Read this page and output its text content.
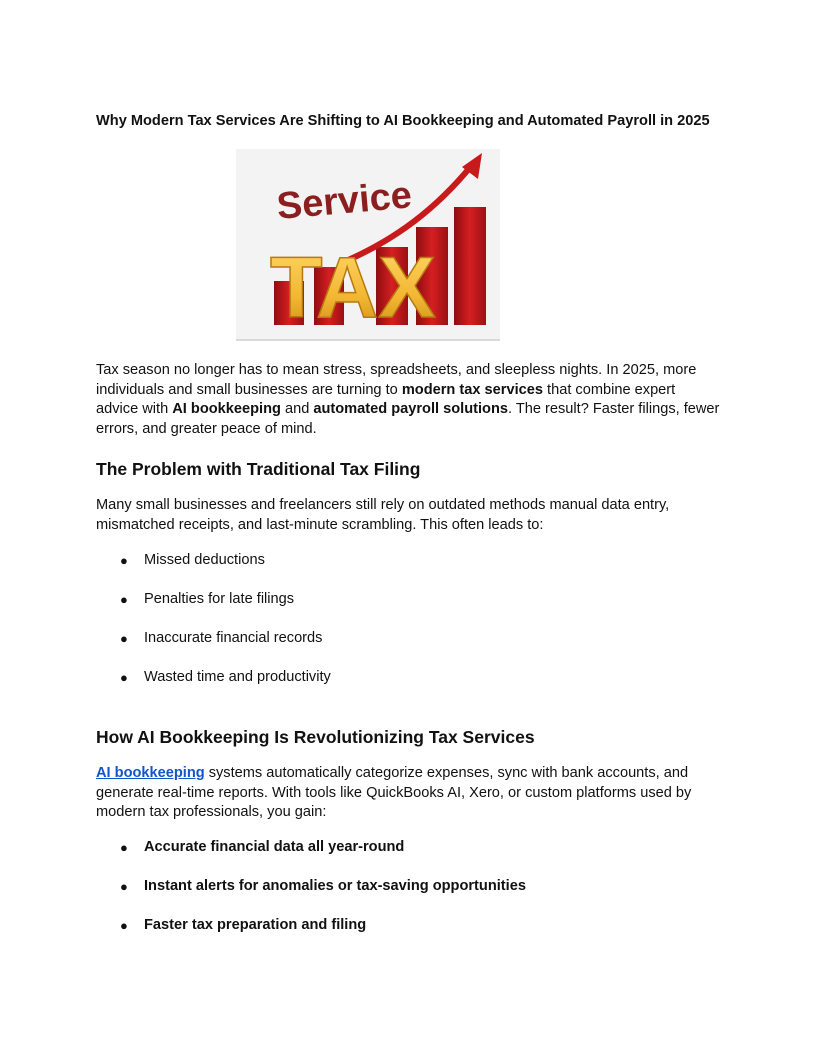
Why Modern Tax Services Are Shifting to AI Bookkeeping and Automated Payroll in 2025
Service
TAX

Tax season no longer has to mean stress, spreadsheets, and sleepless nights. In 2025, more individuals and small businesses are turning to modern tax services that combine expert advice with AI bookkeeping and automated payroll solutions. The result? Faster filings, fewer errors, and greater peace of mind.

The Problem with Traditional Tax Filing

Many small businesses and freelancers still rely on outdated methods manual data entry, mismatched receipts, and last-minute scrambling. This often leads to:

● Missed deductions
● Penalties for late filings
● Inaccurate financial records
● Wasted time and productivity
How AI Bookkeeping Is Revolutionizing Tax Services

AI bookkeeping systems automatically categorize expenses, sync with bank accounts, and generate real-time reports. With tools like QuickBooks AI, Xero, or custom platforms used by modern tax professionals, you gain:

● Accurate financial data all year-round
● Instant alerts for anomalies or tax-saving opportunities
● Faster tax preparation and filing
